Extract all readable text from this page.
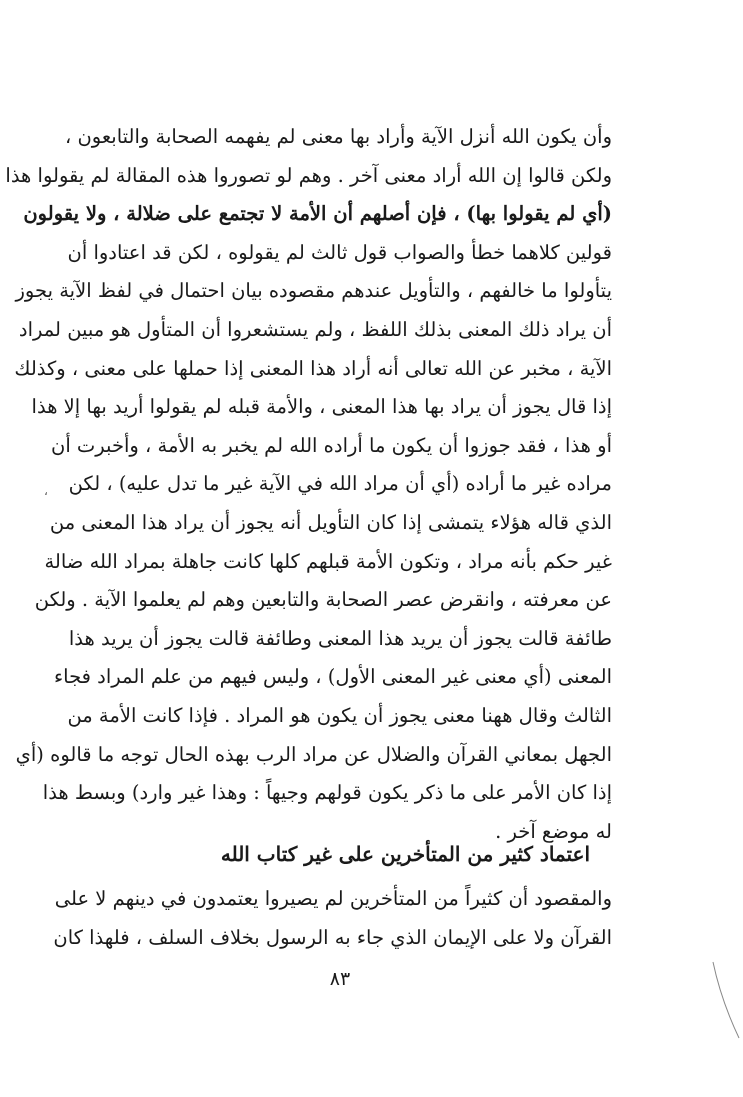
وأن يكون الله أنزل الآية وأراد بها معنى لم يفهمه الصحابة والتابعون ،
ولكن قالوا إن الله أراد معنى آخر . وهم لو تصوروا هذه المقالة لم يقولوا هذا
(أي لم يقولوا بها) ، فإن أصلهم أن الأمة لا تجتمع على ضلالة ، ولا يقولون
قولين كلاهما خطأ والصواب قول ثالث لم يقولوه ، لكن قد اعتادوا أن
يتأولوا ما خالفهم ، والتأويل عندهم مقصوده بيان احتمال في لفظ الآية يجوز
أن يراد ذلك المعنى بذلك اللفظ ، ولم يستشعروا أن المتأول هو مبين لمراد
الآية ، مخبر عن الله تعالى أنه أراد هذا المعنى إذا حملها على معنى ، وكذلك
إذا قال يجوز أن يراد بها هذا المعنى ، والأمة قبله لم يقولوا أريد بها إلا هذا
أو هذا ، فقد جوزوا أن يكون ما أراده الله لم يخبر به الأمة ، وأخبرت أن
مراده غير ما أراده (أي أن مراد الله في الآية غير ما تدل عليه) ، لكن
الذي قاله هؤلاء يتمشى إذا كان التأويل أنه يجوز أن يراد هذا المعنى من
غير حكم بأنه مراد ، وتكون الأمة قبلهم كلها كانت جاهلة بمراد الله ضالة
عن معرفته ، وانقرض عصر الصحابة والتابعين وهم لم يعلموا الآية . ولكن
طائفة قالت يجوز أن يريد هذا المعنى وطائفة قالت يجوز أن يريد هذا
المعنى (أي معنى غير المعنى الأول) ، وليس فيهم من علم المراد فجاء
الثالث وقال ههنا معنى يجوز أن يكون هو المراد . فإذا كانت الأمة من
الجهل بمعاني القرآن والضلال عن مراد الرب بهذه الحال توجه ما قالوه (أي
إذا كان الأمر على ما ذكر يكون قولهم وجيهاً : وهذا غير وارد) وبسط هذا
له موضع آخر .
اعتماد كثير من المتأخرين على غير كتاب الله
والمقصود أن كثيراً من المتأخرين لم يصيروا يعتمدون في دينهم لا على
القرآن ولا على الإيمان الذي جاء به الرسول بخلاف السلف ، فلهذا كان
٨٣
،
